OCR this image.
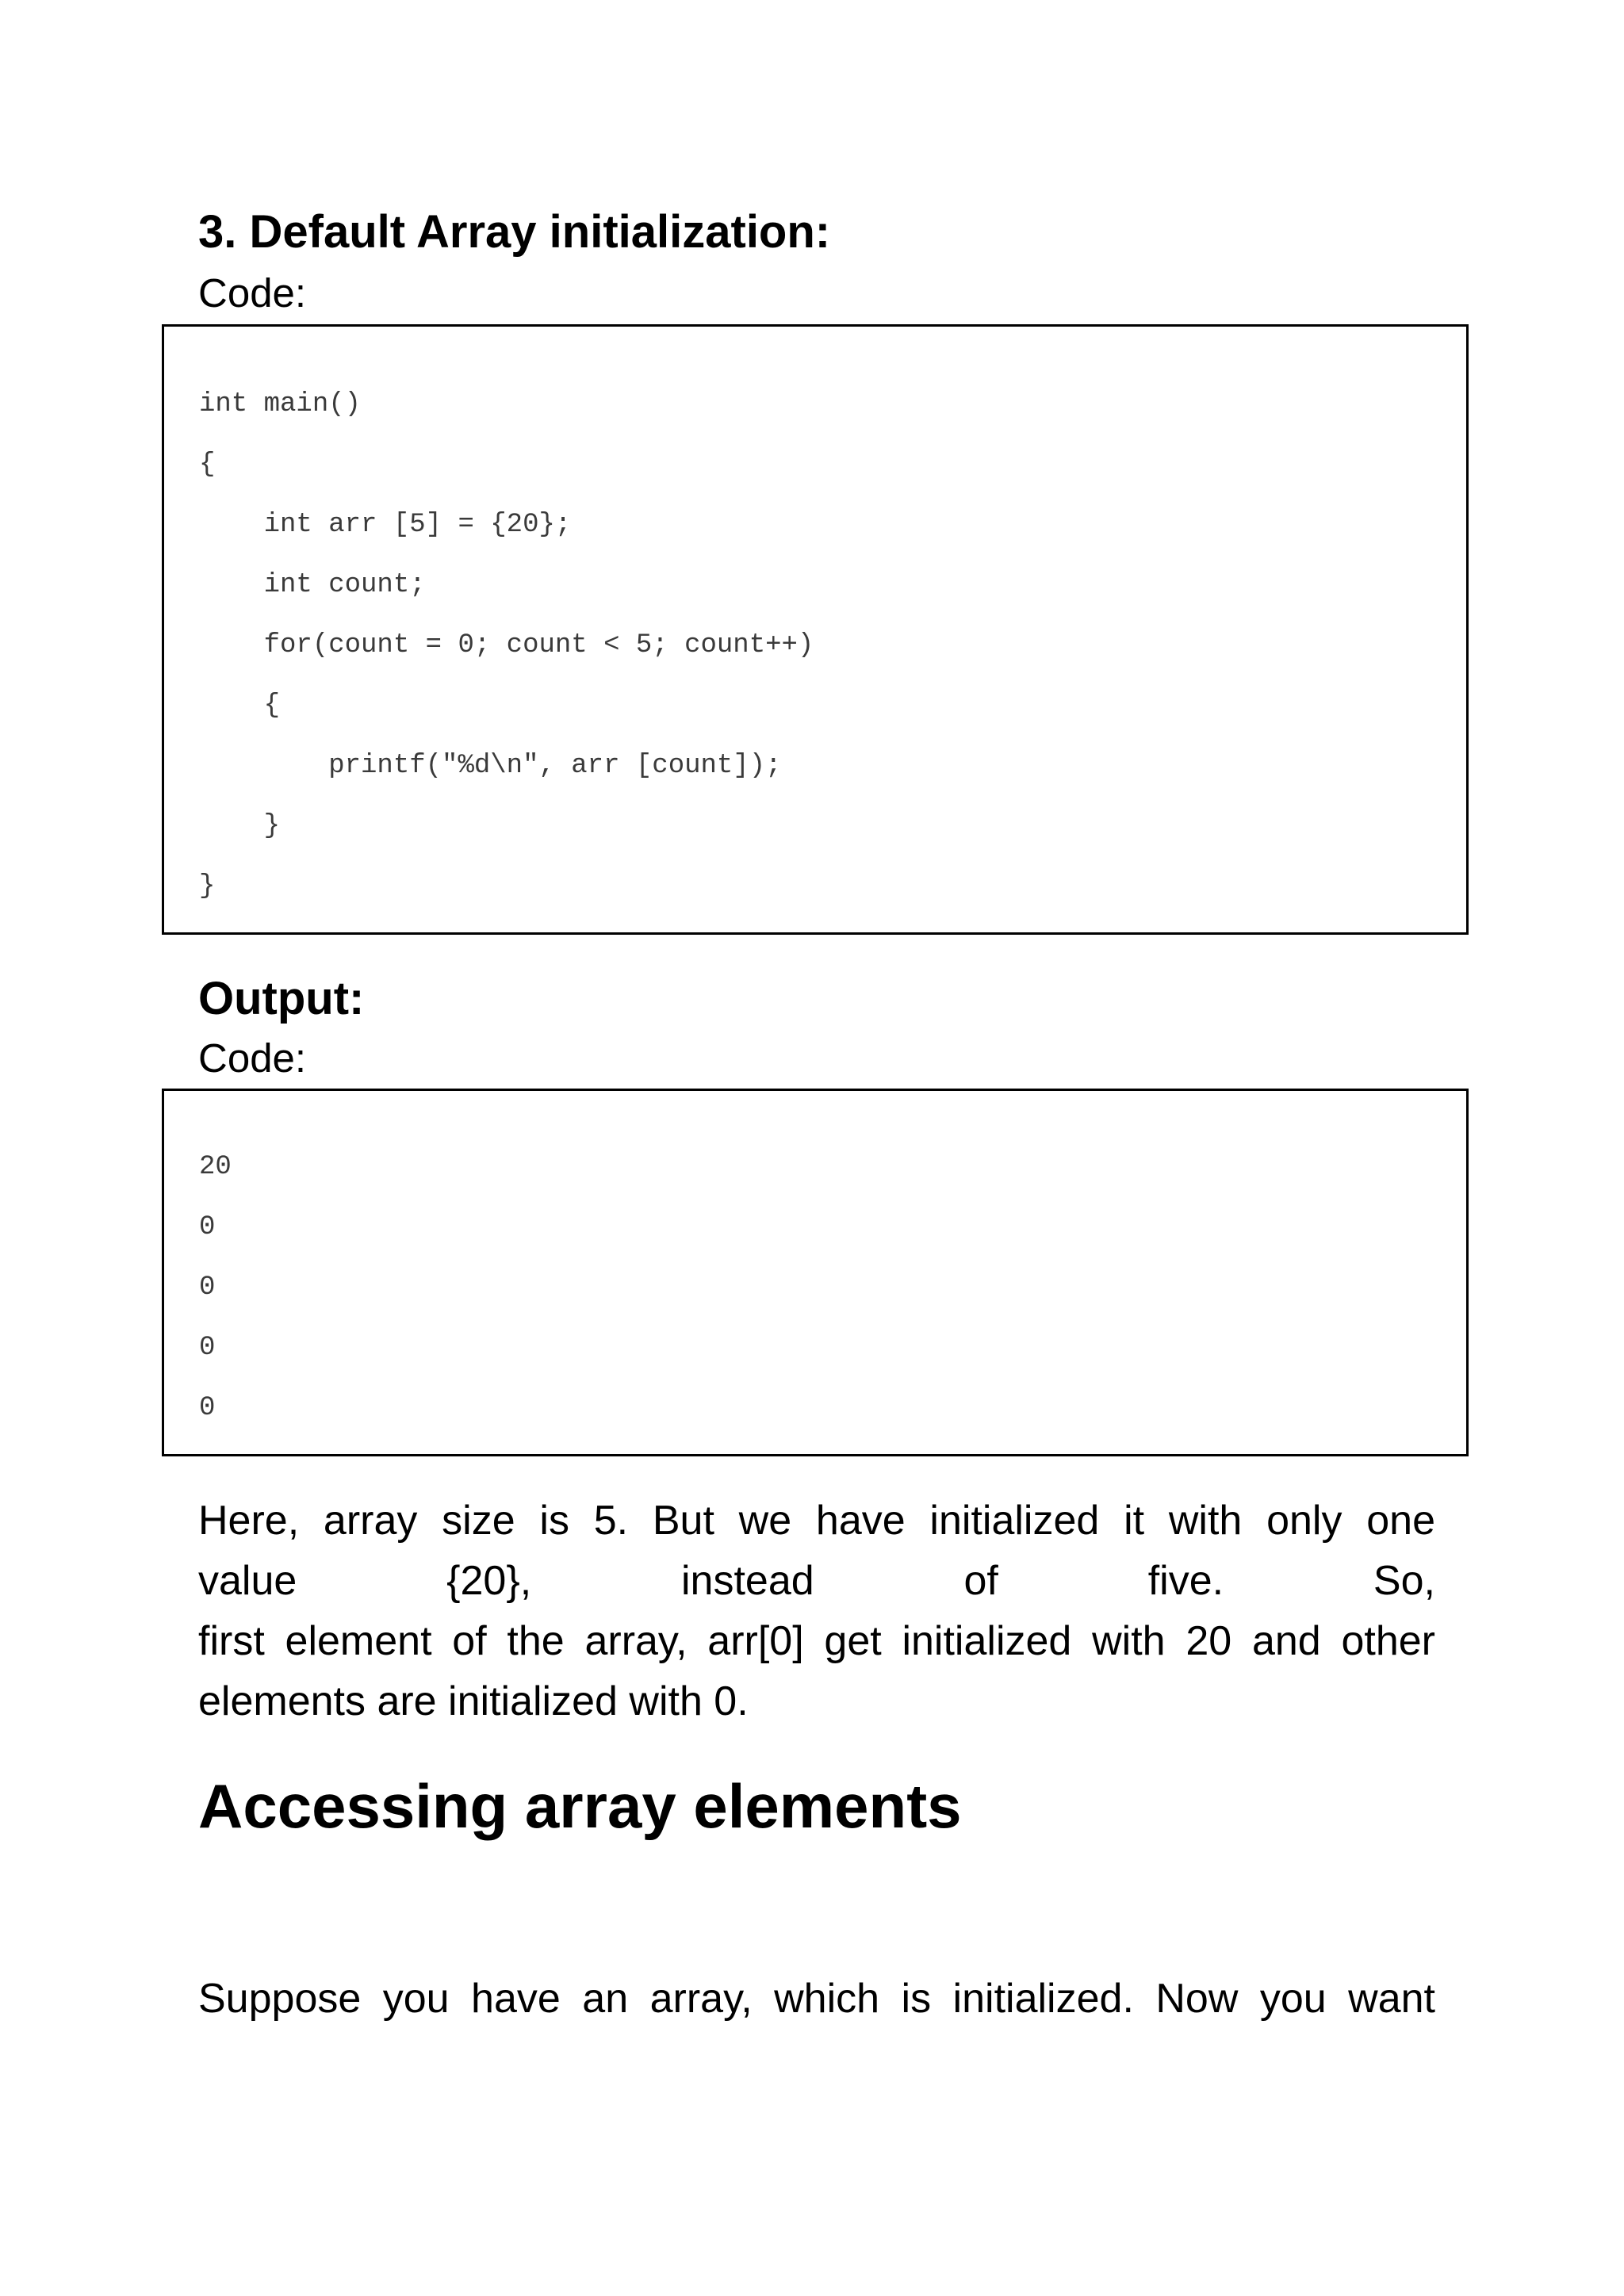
3. Default Array initialization:
Code:
int main()
{
int arr [5] = {20};
int count;
for(count = 0; count < 5; count++)
{
printf("%d\n", arr [count]);
}
}
Output:
Code:
20
0
0
0
0
Here, array size is 5. But we have initialized it with only one
value	{20},	instead	of	five.	So,
first element of the array, arr[0] get initialized with 20 and other
elements are initialized with 0.
Accessing array elements
Suppose you have an array, which is initialized. Now you want
